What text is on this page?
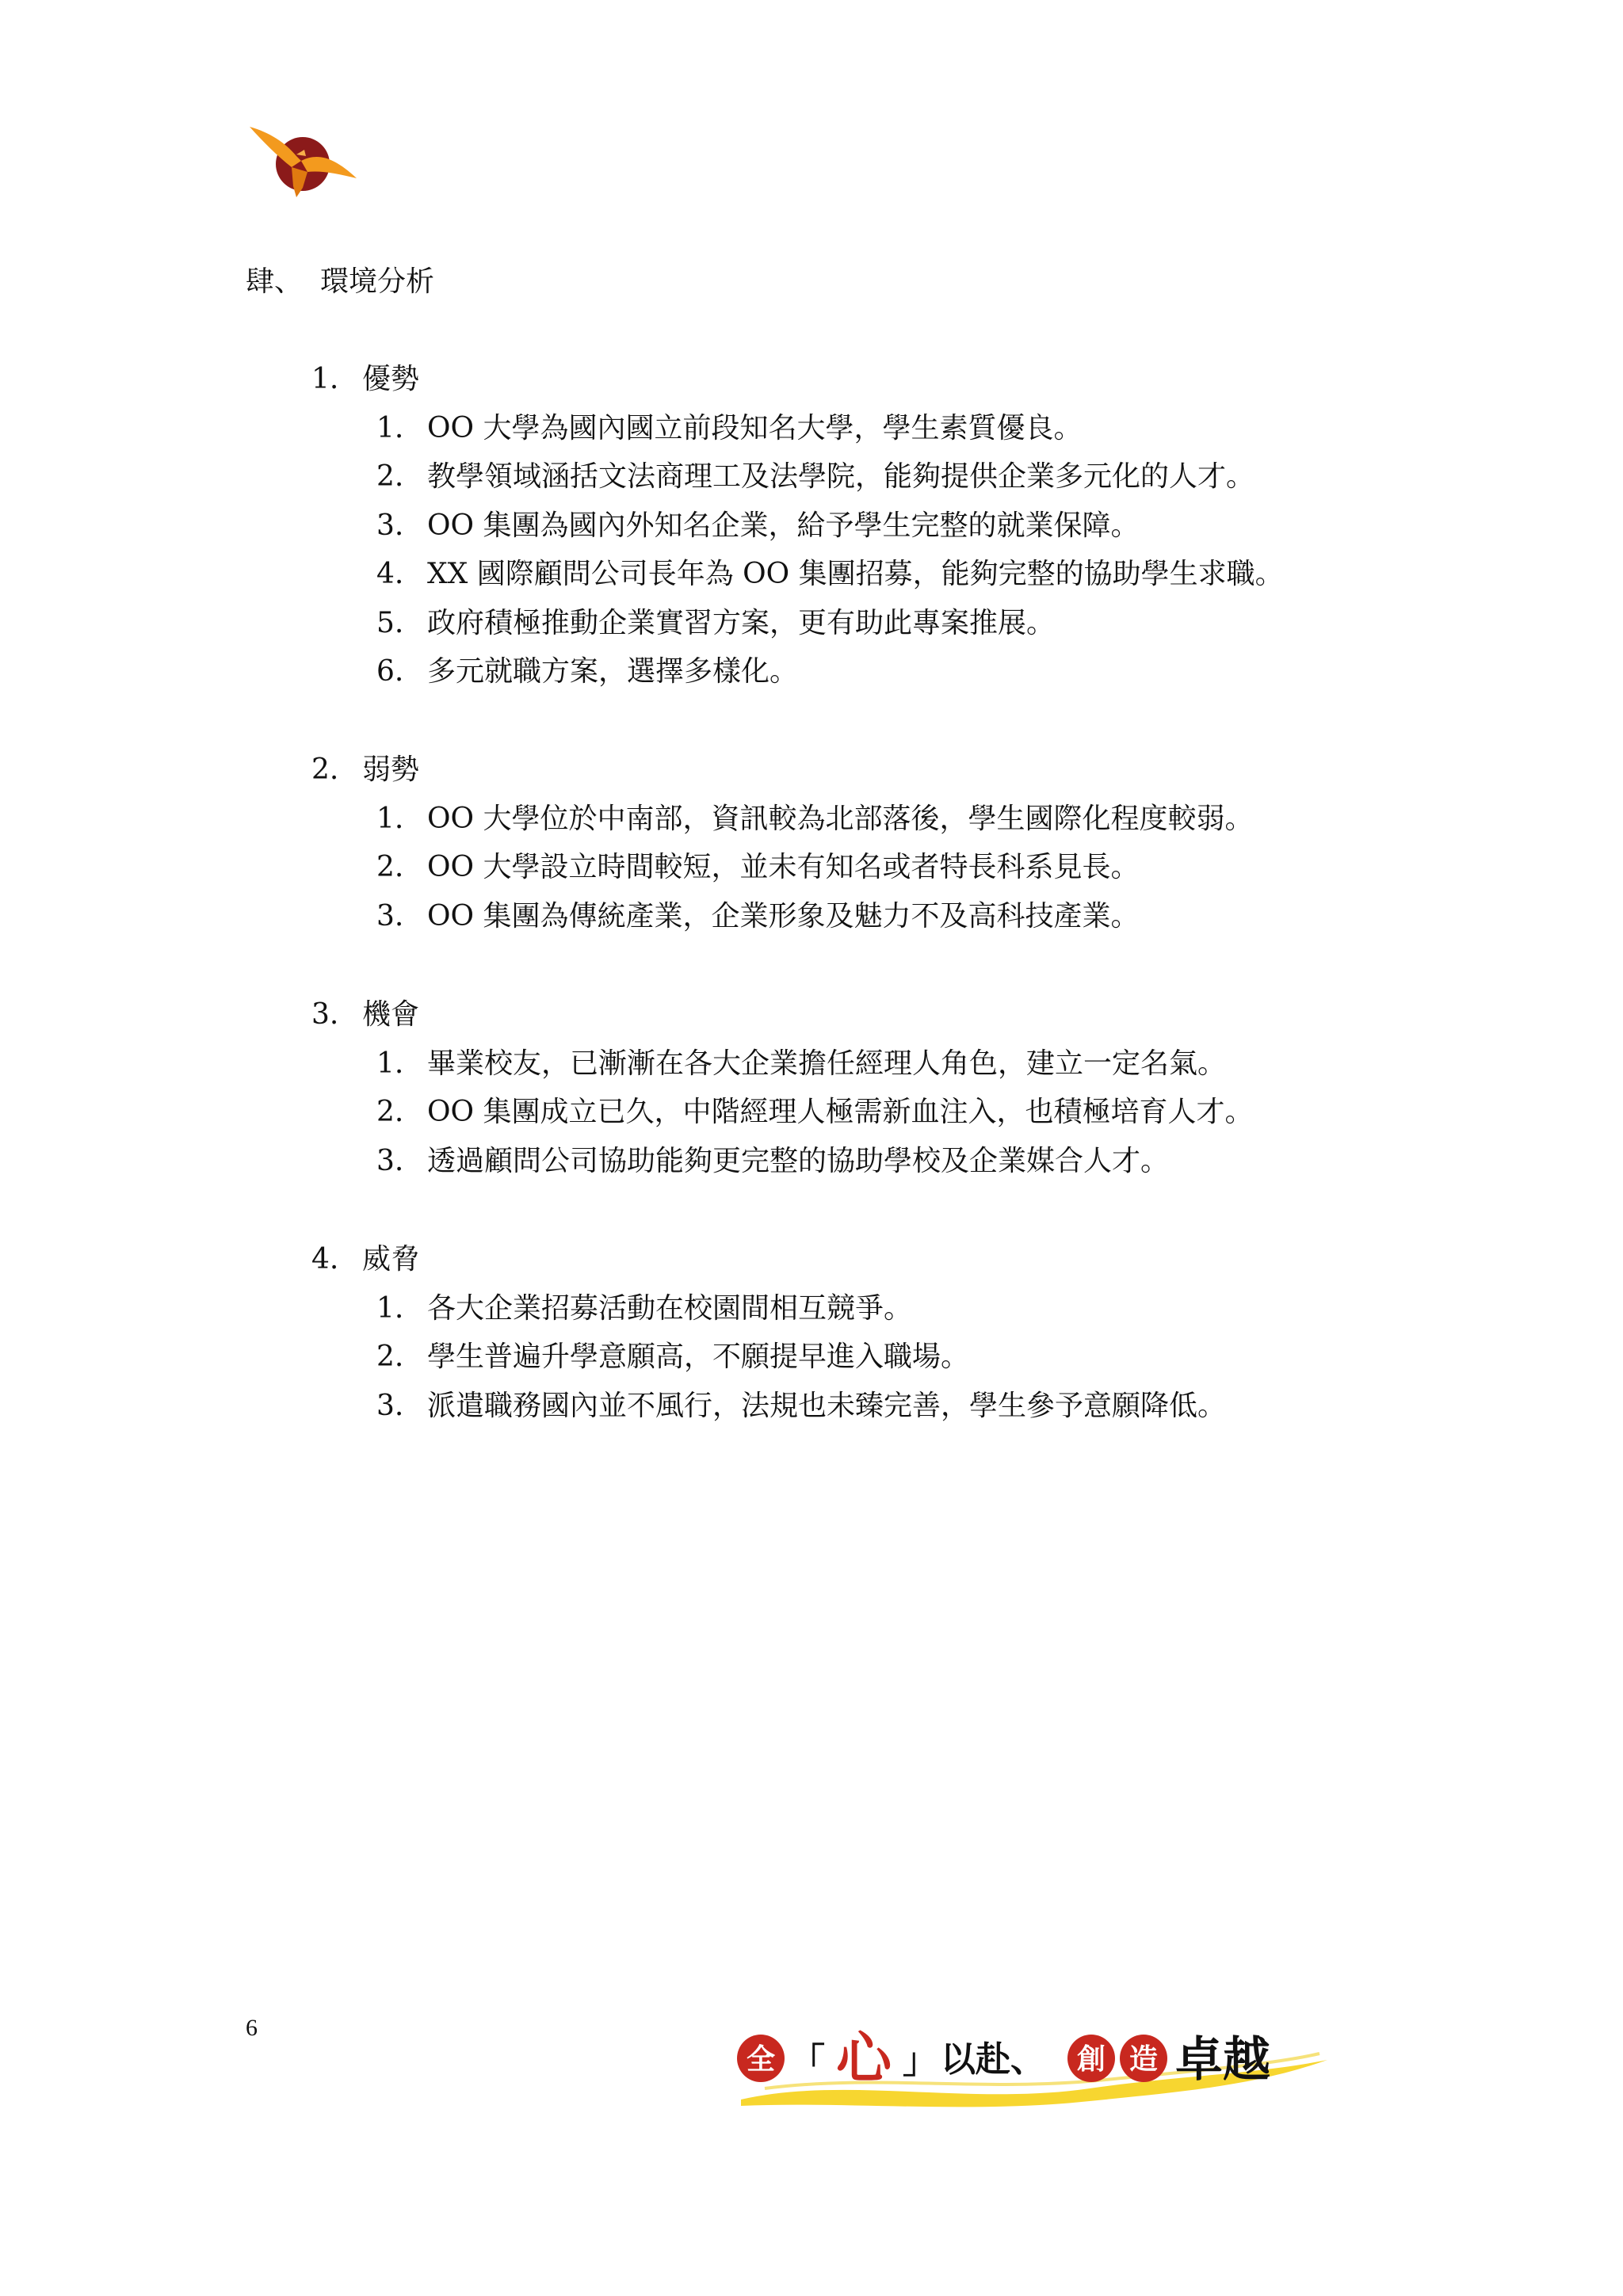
肆、 環境分析
1. 優勢
1. OO 大學為國內國立前段知名大學，學生素質優良。
2. 教學領域涵括文法商理工及法學院，能夠提供企業多元化的人才。
3. OO 集團為國內外知名企業，給予學生完整的就業保障。
4. XX 國際顧問公司長年為 OO 集團招募，能夠完整的協助學生求職。
5. 政府積極推動企業實習方案，更有助此專案推展。
6. 多元就職方案，選擇多樣化。
2. 弱勢
1. OO 大學位於中南部，資訊較為北部落後，學生國際化程度較弱。
2. OO 大學設立時間較短，並未有知名或者特長科系見長。
3. OO 集團為傳統產業，企業形象及魅力不及高科技產業。
3. 機會
1. 畢業校友，已漸漸在各大企業擔任經理人角色，建立一定名氣。
2. OO 集團成立已久，中階經理人極需新血注入，也積極培育人才。
3. 透過顧問公司協助能夠更完整的協助學校及企業媒合人才。
4. 威脅
1. 各大企業招募活動在校園間相互競爭。
2. 學生普遍升學意願高，不願提早進入職場。
3. 派遣職務國內並不風行，法規也未臻完善，學生參予意願降低。
6
全 「 心 」 以赴、 創 造 卓越
